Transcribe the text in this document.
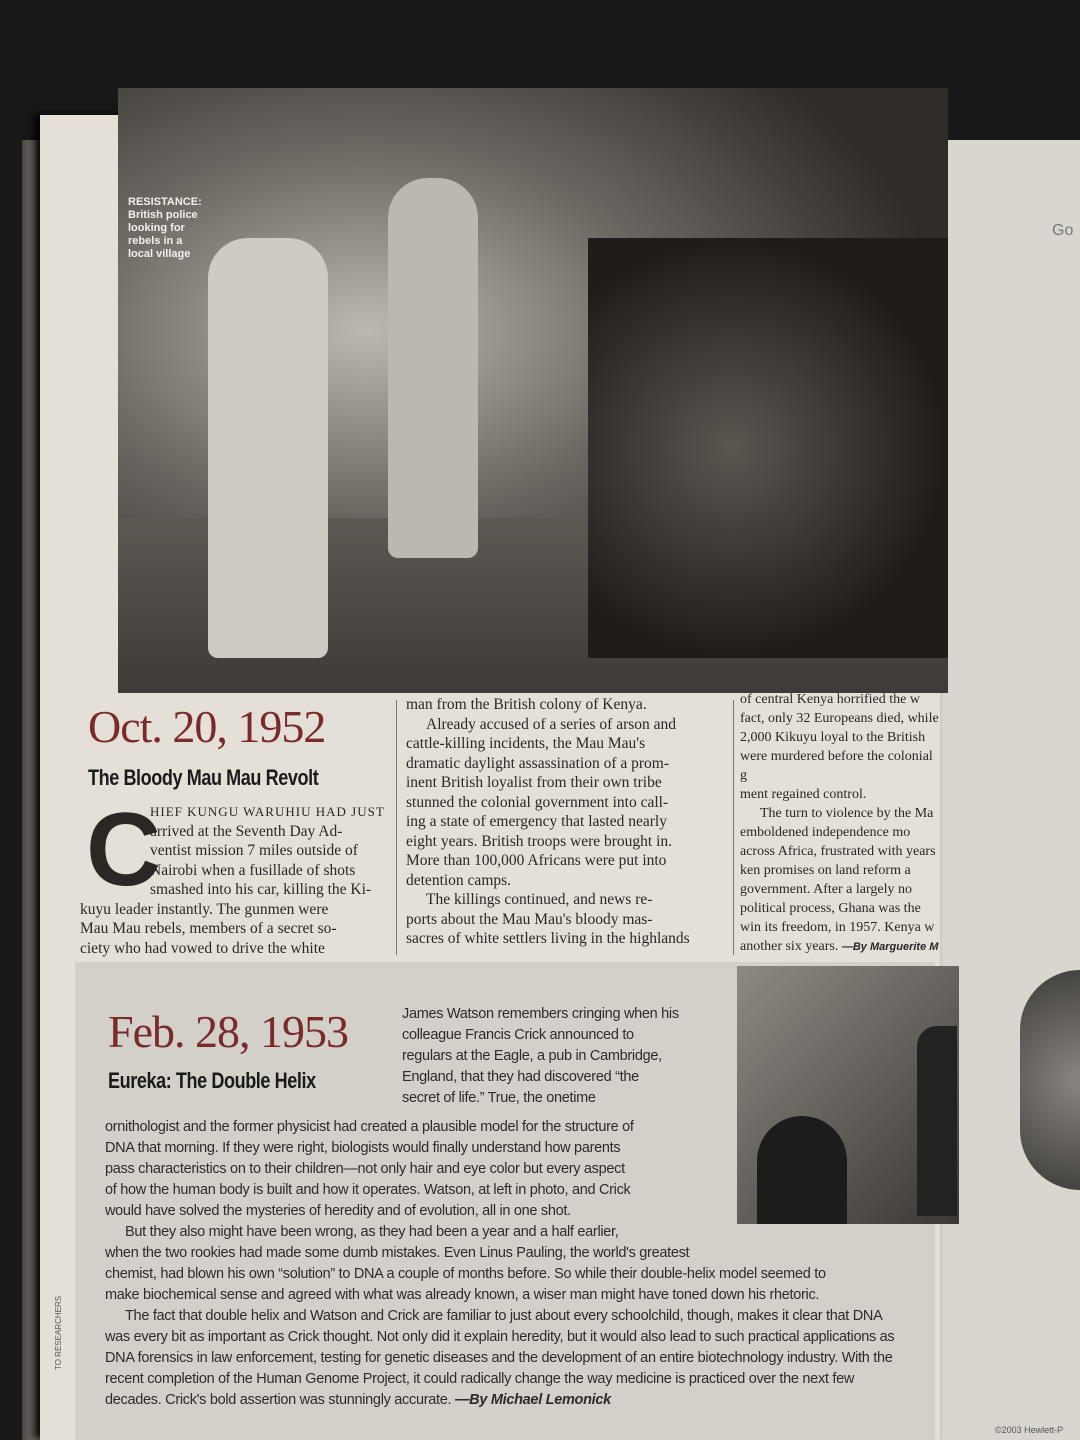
Go
©2003 Hewlett-P
RESISTANCE:
British police
looking for
rebels in a
local village
Oct. 20, 1952
The Bloody Mau Mau Revolt
C
HIEF KUNGU WARUHIU HAD JUST
arrived at the Seventh Day Ad-
ventist mission 7 miles outside of
Nairobi when a fusillade of shots
smashed into his car, killing the Ki-
kuyu leader instantly. The gunmen were
Mau Mau rebels, members of a secret so-
ciety who had vowed to drive the white
man from the British colony of Kenya.
Already accused of a series of arson and
cattle-killing incidents, the Mau Mau's
dramatic daylight assassination of a prom-
inent British loyalist from their own tribe
stunned the colonial government into call-
ing a state of emergency that lasted nearly
eight years. British troops were brought in.
More than 100,000 Africans were put into
detention camps.
The killings continued, and news re-
ports about the Mau Mau's bloody mas-
sacres of white settlers living in the highlands
of central Kenya horrified the w
fact, only 32 Europeans died, while
2,000 Kikuyu loyal to the British
were murdered before the colonial g
ment regained control.
The turn to violence by the Ma
emboldened independence mo
across Africa, frustrated with years
ken promises on land reform a
government. After a largely no
political process, Ghana was the
win its freedom, in 1957. Kenya w
another six years. —By Marguerite M
Feb. 28, 1953
Eureka: The Double Helix
James Watson remembers cringing when his
colleague Francis Crick announced to
regulars at the Eagle, a pub in Cambridge,
England, that they had discovered “the
secret of life.” True, the onetime
ornithologist and the former physicist had created a plausible model for the structure of
DNA that morning. If they were right, biologists would finally understand how parents
pass characteristics on to their children—not only hair and eye color but every aspect
of how the human body is built and how it operates. Watson, at left in photo, and Crick
would have solved the mysteries of heredity and of evolution, all in one shot.
But they also might have been wrong, as they had been a year and a half earlier,
when the two rookies had made some dumb mistakes. Even Linus Pauling, the world's greatest
chemist, had blown his own “solution” to DNA a couple of months before. So while their double-helix model seemed to
make biochemical sense and agreed with what was already known, a wiser man might have toned down his rhetoric.
The fact that double helix and Watson and Crick are familiar to just about every schoolchild, though, makes it clear that DNA
was every bit as important as Crick thought. Not only did it explain heredity, but it would also lead to such practical applications as
DNA forensics in law enforcement, testing for genetic diseases and the development of an entire biotechnology industry. With the
recent completion of the Human Genome Project, it could radically change the way medicine is practiced over the next few
decades. Crick's bold assertion was stunningly accurate. —By Michael Lemonick
TO RESEARCHERS
